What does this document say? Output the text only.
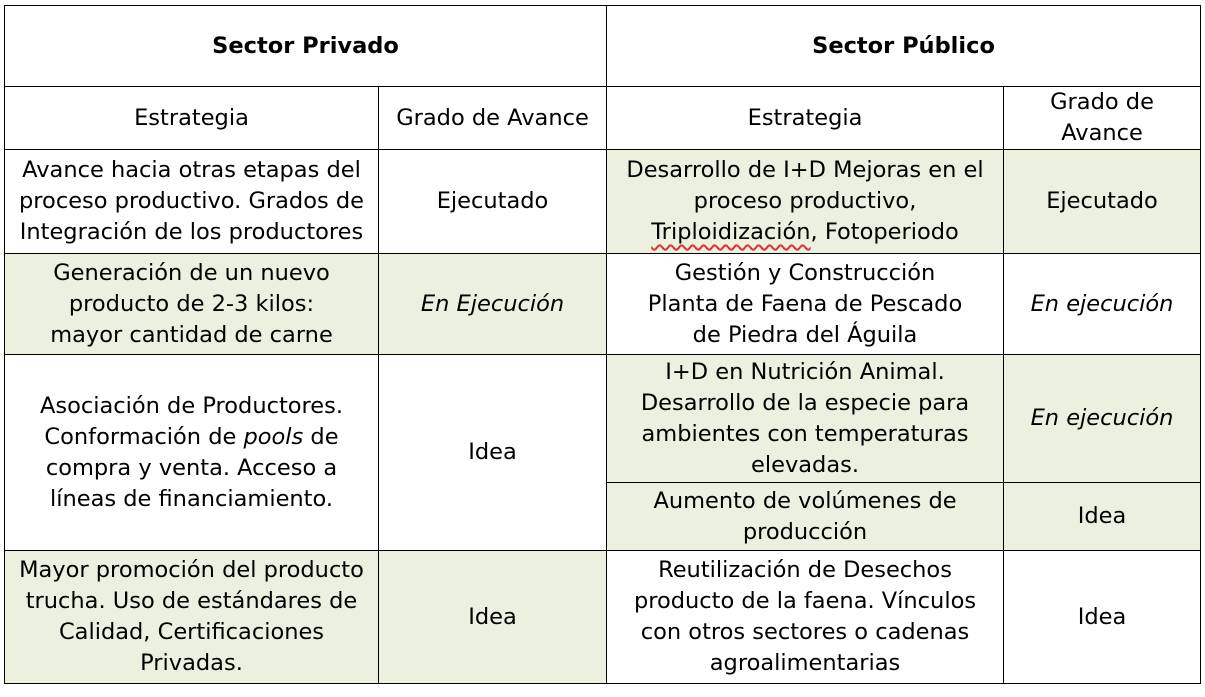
Sector Privado		Sector Público	
Estrategia	Grado de Avance	Estrategia	Grado de
Avance

Avance hacia otras etapas del
proceso productivo. Grados de
Integración de los productores	Ejecutado	Desarrollo de I+D Mejoras en el
proceso productivo,
Triploidización, Fotoperiodo	Ejecutado

Generación de un nuevo
producto de 2-3 kilos:
mayor cantidad de carne	En Ejecución	Gestión y Construcción
Planta de Faena de Pescado
de Piedra del Águila	En ejecución

Asociación de Productores.
Conformación de pools de
compra y venta. Acceso a
líneas de financiamiento.	Idea	I+D en Nutrición Animal.
Desarrollo de la especie para
ambientes con temperaturas
elevadas.	En ejecución

		Aumento de volúmenes de
producción	Idea

Mayor promoción del producto
trucha. Uso de estándares de
Calidad, Certificaciones
Privadas.	Idea	Reutilización de Desechos
producto de la faena. Vínculos
con otros sectores o cadenas
agroalimentarias	Idea
